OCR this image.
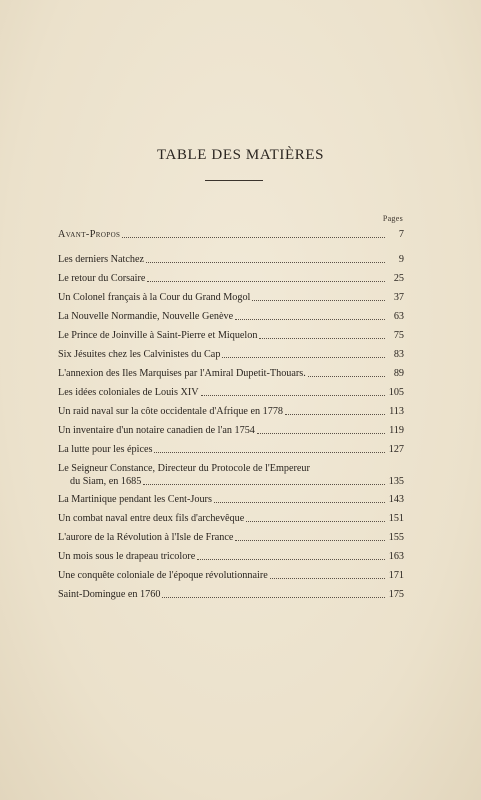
TABLE DES MATIÈRES
Pages
Avant-Propos	7
Les derniers Natchez	9
Le retour du Corsaire	25
Un Colonel français à la Cour du Grand Mogol	37
La Nouvelle Normandie, Nouvelle Genève	63
Le Prince de Joinville à Saint-Pierre et Miquelon	75
Six Jésuites chez les Calvinistes du Cap	83
L'annexion des Iles Marquises par l'Amiral Dupetit-Thouars.	89
Les idées coloniales de Louis XIV	105
Un raid naval sur la côte occidentale d'Afrique en 1778	113
Un inventaire d'un notaire canadien de l'an 1754	119
La lutte pour les épices	127
Le Seigneur Constance, Directeur du Protocole de l'Empereur
du Siam, en 1685	135
La Martinique pendant les Cent-Jours	143
Un combat naval entre deux fils d'archevêque	151
L'aurore de la Révolution à l'Isle de France	155
Un mois sous le drapeau tricolore	163
Une conquête coloniale de l'époque révolutionnaire	171
Saint-Domingue en 1760	175
